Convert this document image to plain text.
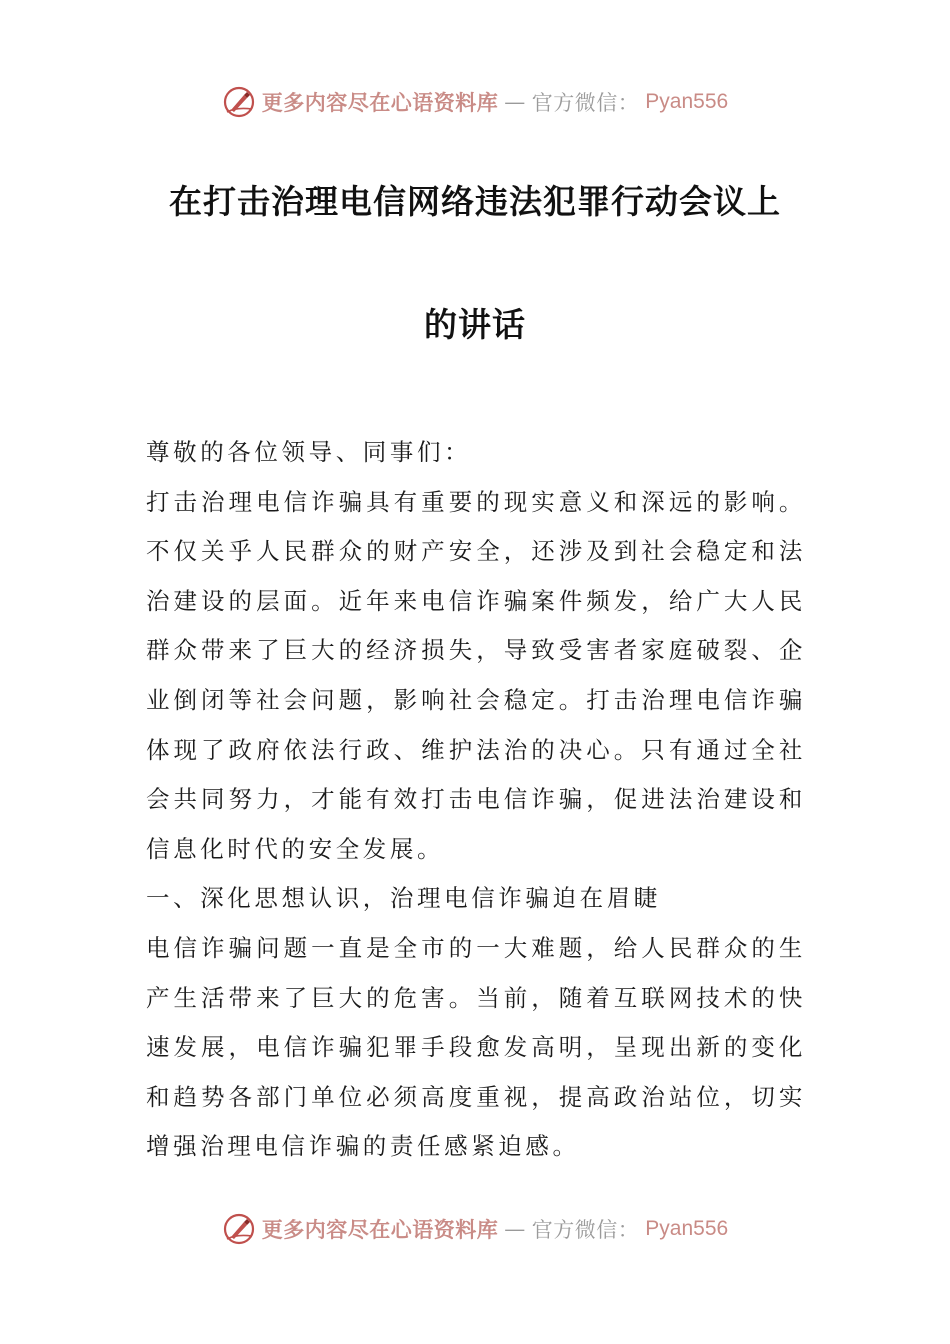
更多内容尽在心语资料库 — 官方微信： Pyan556
在打击治理电信网络违法犯罪行动会议上
的讲话

尊敬的各位领导、同事们：

打击治理电信诈骗具有重要的现实意义和深远的影响。不仅关乎人民群众的财产安全，还涉及到社会稳定和法治建设的层面。近年来电信诈骗案件频发，给广大人民群众带来了巨大的经济损失，导致受害者家庭破裂、企业倒闭等社会问题，影响社会稳定。打击治理电信诈骗体现了政府依法行政、维护法治的决心。只有通过全社会共同努力，才能有效打击电信诈骗，促进法治建设和信息化时代的安全发展。

一、深化思想认识，治理电信诈骗迫在眉睫

电信诈骗问题一直是全市的一大难题，给人民群众的生产生活带来了巨大的危害。当前，随着互联网技术的快速发展，电信诈骗犯罪手段愈发高明，呈现出新的变化和趋势各部门单位必须高度重视，提高政治站位，切实增强治理电信诈骗的责任感紧迫感。

更多内容尽在心语资料库 — 官方微信： Pyan556
